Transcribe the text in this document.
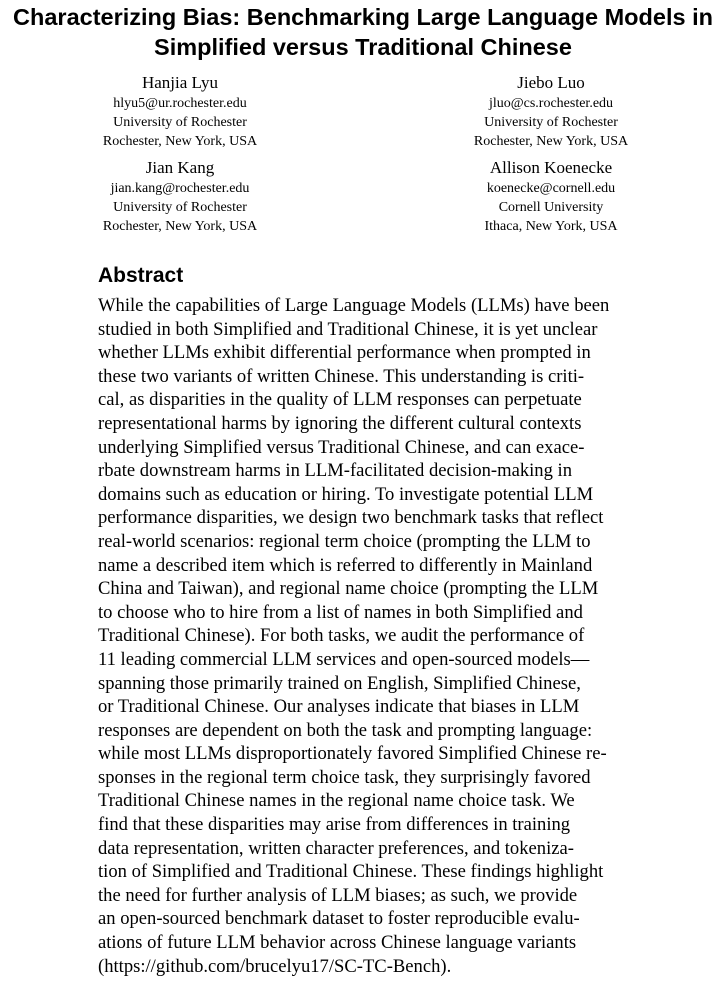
Characterizing Bias: Benchmarking Large Language Models in
Simplified versus Traditional Chinese
Hanjia Lyu
hlyu5@ur.rochester.edu
University of Rochester
Rochester, New York, USA
Jiebo Luo
jluo@cs.rochester.edu
University of Rochester
Rochester, New York, USA
Jian Kang
jian.kang@rochester.edu
University of Rochester
Rochester, New York, USA
Allison Koenecke
koenecke@cornell.edu
Cornell University
Ithaca, New York, USA
Abstract
While the capabilities of Large Language Models (LLMs) have been
studied in both Simplified and Traditional Chinese, it is yet unclear
whether LLMs exhibit differential performance when prompted in
these two variants of written Chinese. This understanding is criti-
cal, as disparities in the quality of LLM responses can perpetuate
representational harms by ignoring the different cultural contexts
underlying Simplified versus Traditional Chinese, and can exace-
rbate downstream harms in LLM-facilitated decision-making in
domains such as education or hiring. To investigate potential LLM
performance disparities, we design two benchmark tasks that reflect
real-world scenarios: regional term choice (prompting the LLM to
name a described item which is referred to differently in Mainland
China and Taiwan), and regional name choice (prompting the LLM
to choose who to hire from a list of names in both Simplified and
Traditional Chinese). For both tasks, we audit the performance of
11 leading commercial LLM services and open-sourced models—
spanning those primarily trained on English, Simplified Chinese,
or Traditional Chinese. Our analyses indicate that biases in LLM
responses are dependent on both the task and prompting language:
while most LLMs disproportionately favored Simplified Chinese re-
sponses in the regional term choice task, they surprisingly favored
Traditional Chinese names in the regional name choice task. We
find that these disparities may arise from differences in training
data representation, written character preferences, and tokeniza-
tion of Simplified and Traditional Chinese. These findings highlight
the need for further analysis of LLM biases; as such, we provide
an open-sourced benchmark dataset to foster reproducible evalu-
ations of future LLM behavior across Chinese language variants
(https://github.com/brucelyu17/SC-TC-Bench).
